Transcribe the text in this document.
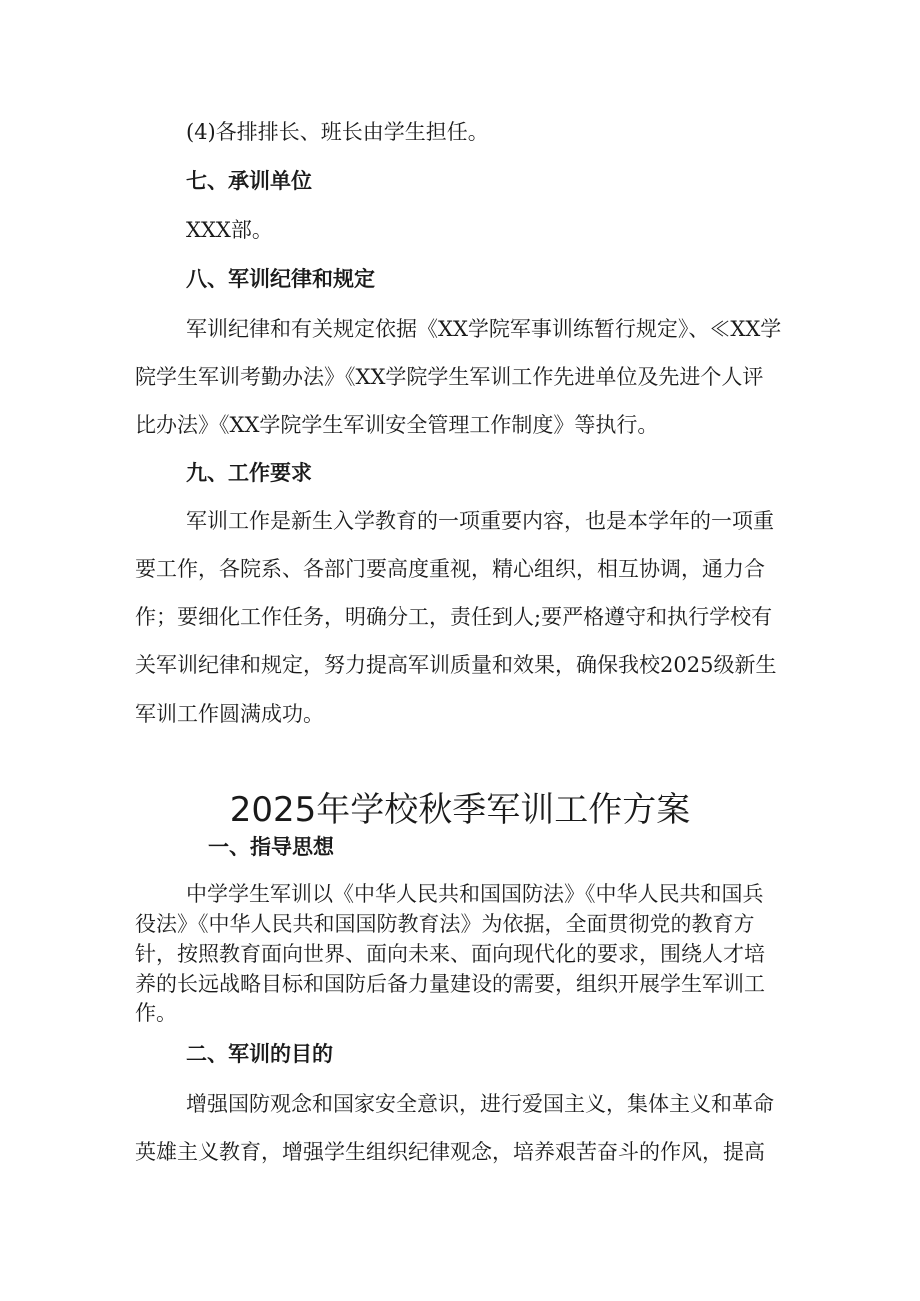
(4)各排排长、班长由学生担任。
七、承训单位
XXX部。
八、军训纪律和规定
军训纪律和有关规定依据《XX学院军事训练暂行规定》、≪XX学
院学生军训考勤办法》《XX学院学生军训工作先进单位及先进个人评
比办法》《XX学院学生军训安全管理工作制度》等执行。
九、工作要求
军训工作是新生入学教育的一项重要内容，也是本学年的一项重
要工作，各院系、各部门要高度重视，精心组织，相互协调，通力合
作；要细化工作任务，明确分工，责任到人;要严格遵守和执行学校有
关军训纪律和规定，努力提高军训质量和效果，确保我校2025级新生
军训工作圆满成功。
2025年学校秋季军训工作方案
一、指导思想
中学学生军训以《中华人民共和国国防法》《中华人民共和国兵
役法》《中华人民共和国国防教育法》为依据，全面贯彻党的教育方
针，按照教育面向世界、面向未来、面向现代化的要求，围绕人才培
养的长远战略目标和国防后备力量建设的需要，组织开展学生军训工
作。
二、军训的目的
增强国防观念和国家安全意识，进行爱国主义，集体主义和革命
英雄主义教育，增强学生组织纪律观念，培养艰苦奋斗的作风，提高
